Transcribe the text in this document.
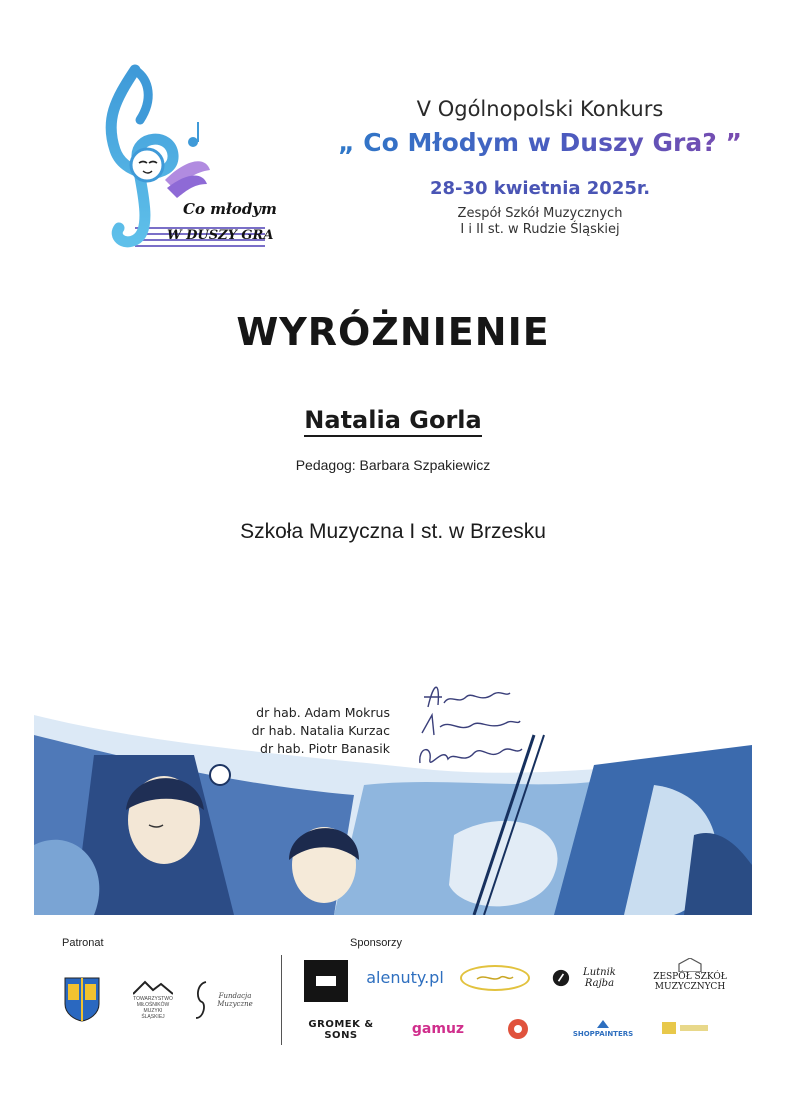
Co młodym
W DUSZY GRA
V Ogólnopolski Konkurs
„ Co Młodym w Duszy Gra? ”
28-30 kwietnia 2025r.
Zespół Szkół Muzycznych
I i II st. w Rudzie Śląskiej
WYRÓŻNIENIE
Natalia Gorla
Pedagog: Barbara Szpakiewicz
Szkoła Muzyczna I st. w Brzesku
dr hab. Adam Mokrus
dr hab. Natalia Kurzac
dr hab. Piotr Banasik
Patronat	Sponsorzy
TOWARZYSTWO
MIŁOŚNIKÓW
MUZYKI
ŚLĄSKIEJ
Fundacja Muzyczne
alenuty.pl	Lutnik Rajba
ZESPÓŁ SZKÓŁ
MUZYCZNYCH
GROMEK & SONS	gamuz	SHOPPAINTERS
